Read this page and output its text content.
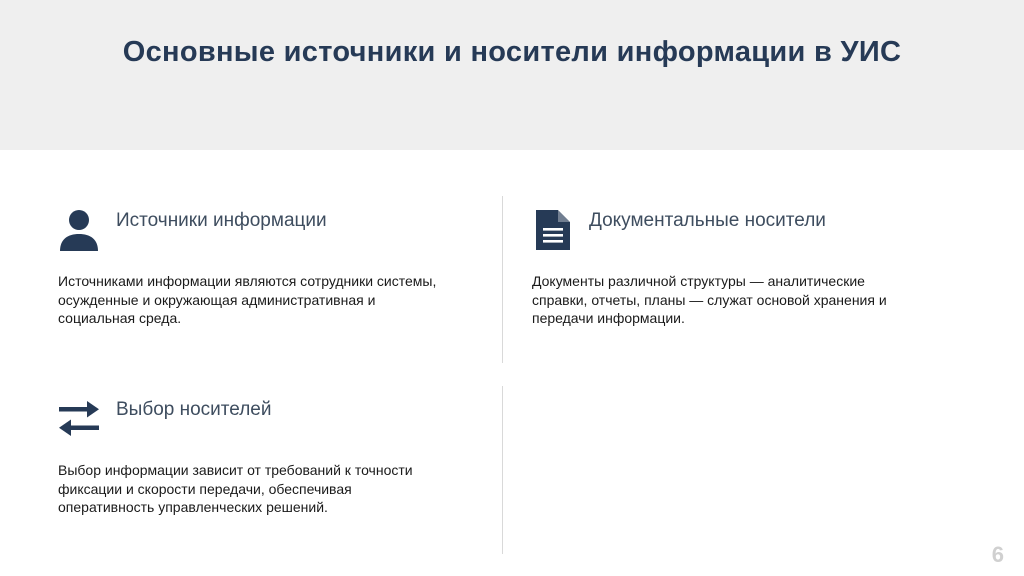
Основные источники и носители информации в УИС
Источники информации

Источниками информации являются сотрудники системы,
осужденные и окружающая административная и
социальная среда.

Документальные носители

Документы различной структуры — аналитические
справки, отчеты, планы — служат основой хранения и
передачи информации.

Выбор носителей

Выбор информации зависит от требований к точности
фиксации и скорости передачи, обеспечивая
оперативность управленческих решений.

6
